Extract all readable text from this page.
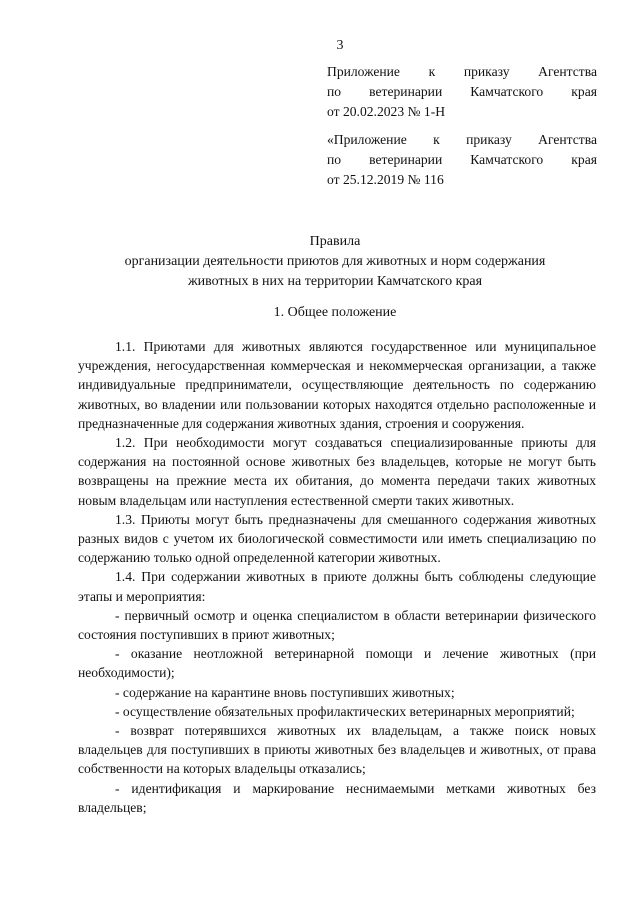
3
Приложение к приказу Агентства
по ветеринарии Камчатского края
от 20.02.2023 № 1-Н
«Приложение к приказу Агентства
по ветеринарии Камчатского края
от 25.12.2019 № 116
Правила
организации деятельности приютов для животных и норм содержания
животных в них на территории Камчатского края
1. Общее положение

1.1. Приютами для животных являются государственное или муниципальное учреждения, негосударственная коммерческая и некоммерческая организации, а также индивидуальные предприниматели, осуществляющие деятельность по содержанию животных, во владении или пользовании которых находятся отдельно расположенные и предназначенные для содержания животных здания, строения и сооружения.

1.2. При необходимости могут создаваться специализированные приюты для содержания на постоянной основе животных без владельцев, которые не могут быть возвращены на прежние места их обитания, до момента передачи таких животных новым владельцам или наступления естественной смерти таких животных.

1.3. Приюты могут быть предназначены для смешанного содержания животных разных видов с учетом их биологической совместимости или иметь специализацию по содержанию только одной определенной категории животных.

1.4. При содержании животных в приюте должны быть соблюдены следующие этапы и мероприятия:

- первичный осмотр и оценка специалистом в области ветеринарии физического состояния поступивших в приют животных;

- оказание неотложной ветеринарной помощи и лечение животных (при необходимости);

- содержание на карантине вновь поступивших животных;

- осуществление обязательных профилактических ветеринарных мероприятий;

- возврат потерявшихся животных их владельцам, а также поиск новых владельцев для поступивших в приюты животных без владельцев и животных, от права собственности на которых владельцы отказались;

- идентификация и маркирование неснимаемыми метками животных без владельцев;
